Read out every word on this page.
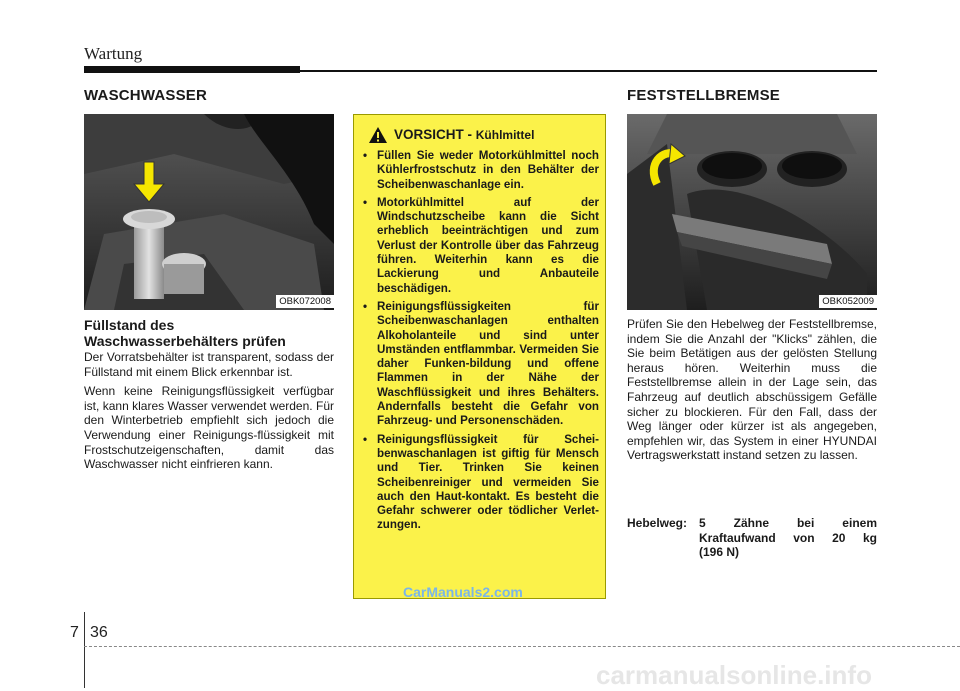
Wartung
WASCHWASSER
OBK072008
Füllstand des
Waschwasserbehälters prüfen

Der Vorratsbehälter ist transparent, sodass der Füllstand mit einem Blick erkennbar ist.

Wenn keine Reinigungsflüssigkeit verfügbar ist, kann klares Wasser verwendet werden. Für den Winterbetrieb empfiehlt sich jedoch die Verwendung einer Reinigungs-flüssigkeit mit Frostschutzeigenschaften, damit das Waschwasser nicht einfrieren kann.

VORSICHT - Kühlmittel
• Füllen Sie weder Motorkühlmittel noch Kühlerfrostschutz in den Behälter der Scheibenwaschanlage ein.
• Motorkühlmittel auf der Windschutzscheibe kann die Sicht erheblich beeinträchtigen und zum Verlust der Kontrolle über das Fahrzeug führen. Weiterhin kann es die Lackierung und Anbauteile beschädigen.
• Reinigungsflüssigkeiten für Scheibenwaschanlagen enthalten Alkoholanteile und sind unter Umständen entflammbar. Vermeiden Sie daher Funken-bildung und offene Flammen in der Nähe der Waschflüssigkeit und ihres Behälters. Andernfalls besteht die Gefahr von Fahrzeug- und Personenschäden.
• Reinigungsflüssigkeit für Schei-benwaschanlagen ist giftig für Mensch und Tier. Trinken Sie keinen Scheibenreiniger und vermeiden Sie auch den Haut-kontakt. Es besteht die Gefahr schwerer oder tödlicher Verlet-zungen.
CarManuals2.com
FESTSTELLBREMSE
OBK052009
Prüfen Sie den Hebelweg der Feststellbremse, indem Sie die Anzahl der "Klicks" zählen, die Sie beim Betätigen aus der gelösten Stellung heraus hören. Weiterhin muss die Feststellbremse allein in der Lage sein, das Fahrzeug auf deutlich abschüssigem Gefälle sicher zu blockieren. Für den Fall, dass der Weg länger oder kürzer ist als angegeben, empfehlen wir, das System in einer HYUNDAI Vertragswerkstatt instand setzen zu lassen.
Hebelweg: 5 Zähne bei einem
Kraftaufwand von 20 kg
(196 N)
7 36
carmanualsonline.info
